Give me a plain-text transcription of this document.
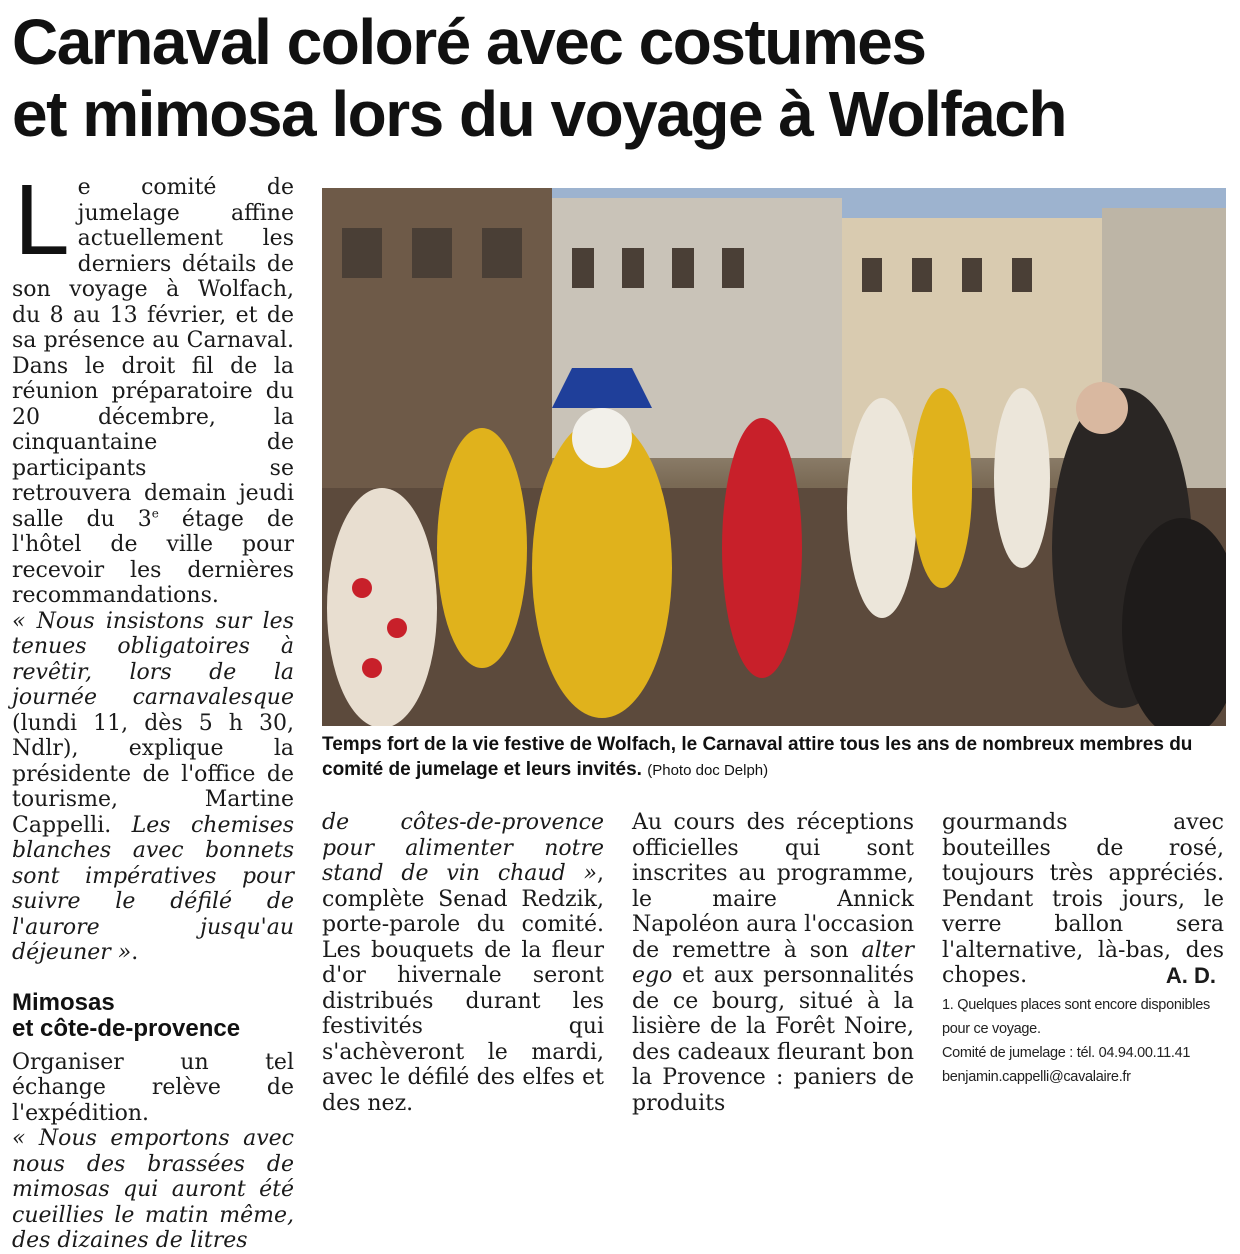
Carnaval coloré avec costumes
et mimosa lors du voyage à Wolfach

Le comité de jumelage affine actuellement les derniers détails de son voyage à Wolfach, du 8 au 13 février, et de sa présence au Carnaval. Dans le droit fil de la réunion préparatoire du 20 décembre, la cinquantaine de participants se retrouvera demain jeudi salle du 3e étage de l'hôtel de ville pour recevoir les dernières recommandations.

« Nous insistons sur les tenues obligatoires à revêtir, lors de la journée carnavalesque (lundi 11, dès 5 h 30, Ndlr), explique la présidente de l'office de tourisme, Martine Cappelli. Les chemises blanches avec bonnets sont impératives pour suivre le défilé de l'aurore jusqu'au déjeuner ».

Mimosas
et côte-de-provence

Organiser un tel échange relève de l'expédition.

« Nous emportons avec nous des brassées de mimosas qui auront été cueillies le matin même, des dizaines de litres

Temps fort de la vie festive de Wolfach, le Carnaval attire tous les ans de nombreux membres du comité de jumelage et leurs invités. (Photo doc Delph)

de côtes-de-provence pour alimenter notre stand de vin chaud », complète Senad Redzik, porte-parole du comité. Les bouquets de la fleur d'or hivernale seront distribués durant les festivités qui s'achèveront le mardi, avec le défilé des elfes et des nez.

Au cours des réceptions officielles qui sont inscrites au programme, le maire Annick Napoléon aura l'occasion de remettre à son alter ego et aux personnalités de ce bourg, situé à la lisière de la Forêt Noire, des cadeaux fleurant bon la Provence : paniers de produits

gourmands avec bouteilles de rosé, toujours très appréciés. Pendant trois jours, le verre ballon sera l'alternative, là-bas, des chopes.	A. D.

1. Quelques places sont encore disponibles
pour ce voyage.
Comité de jumelage : tél. 04.94.00.11.41
benjamin.cappelli@cavalaire.fr
